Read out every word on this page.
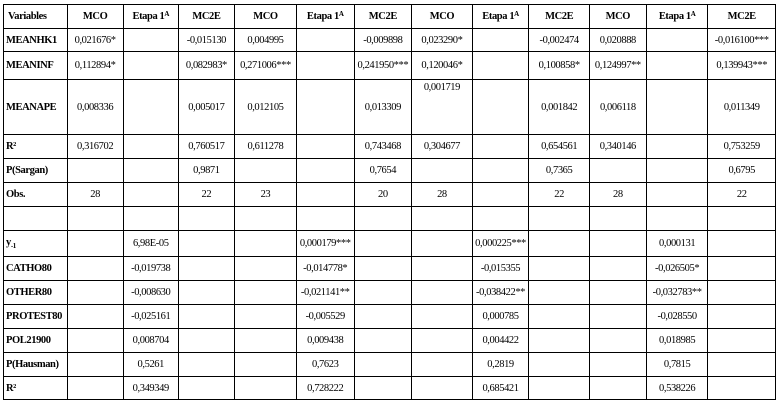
Variables	MCO	Etapa $1^A$	MC2E	MCO	Etapa $1^A$	MC2E	MCO	Etapa $1^A$	MC2E	MCO	Etapa $1^A$	MC2E
MEANHK1	0,021676*		-0,015130	0,004995		-0,009898	0,023290*		-0,002474	0,020888		-0,016100***
MEANINF	0,112894*		0,082983*	0,271006***		0,241950***	0,120046*		0,100858*	0,124997**		0,139943***
MEANAPE	0,008336		0,005017	0,012105		0,013309	0,001719		0,001842	0,006118		0,011349
R²	0,316702		0,760517	0,611278		0,743468	0,304677		0,654561	0,340146		0,753259
P(Sargan)			0,9871			0,7654			0,7365			0,6795
Obs.	28		22	23		20	28		22	28		22

$y_{-1}$		6,98E-05			0,000179***			0,000225***			0,000131	
CATHO80		-0,019738			-0,014778*			-0,015355			-0,026505*	
OTHER80		-0,008630			-0,021141**			-0,038422**			-0,032783**	
PROTEST80		-0,025161			-0,005529			0,000785			-0,028550	
POL21900		0,008704			0,009438			0,004422			0,018985	
P(Hausman)		0,5261			0,7623			0,2819			0,7815	
R²		0,349349			0,728222			0,685421			0,538226	
